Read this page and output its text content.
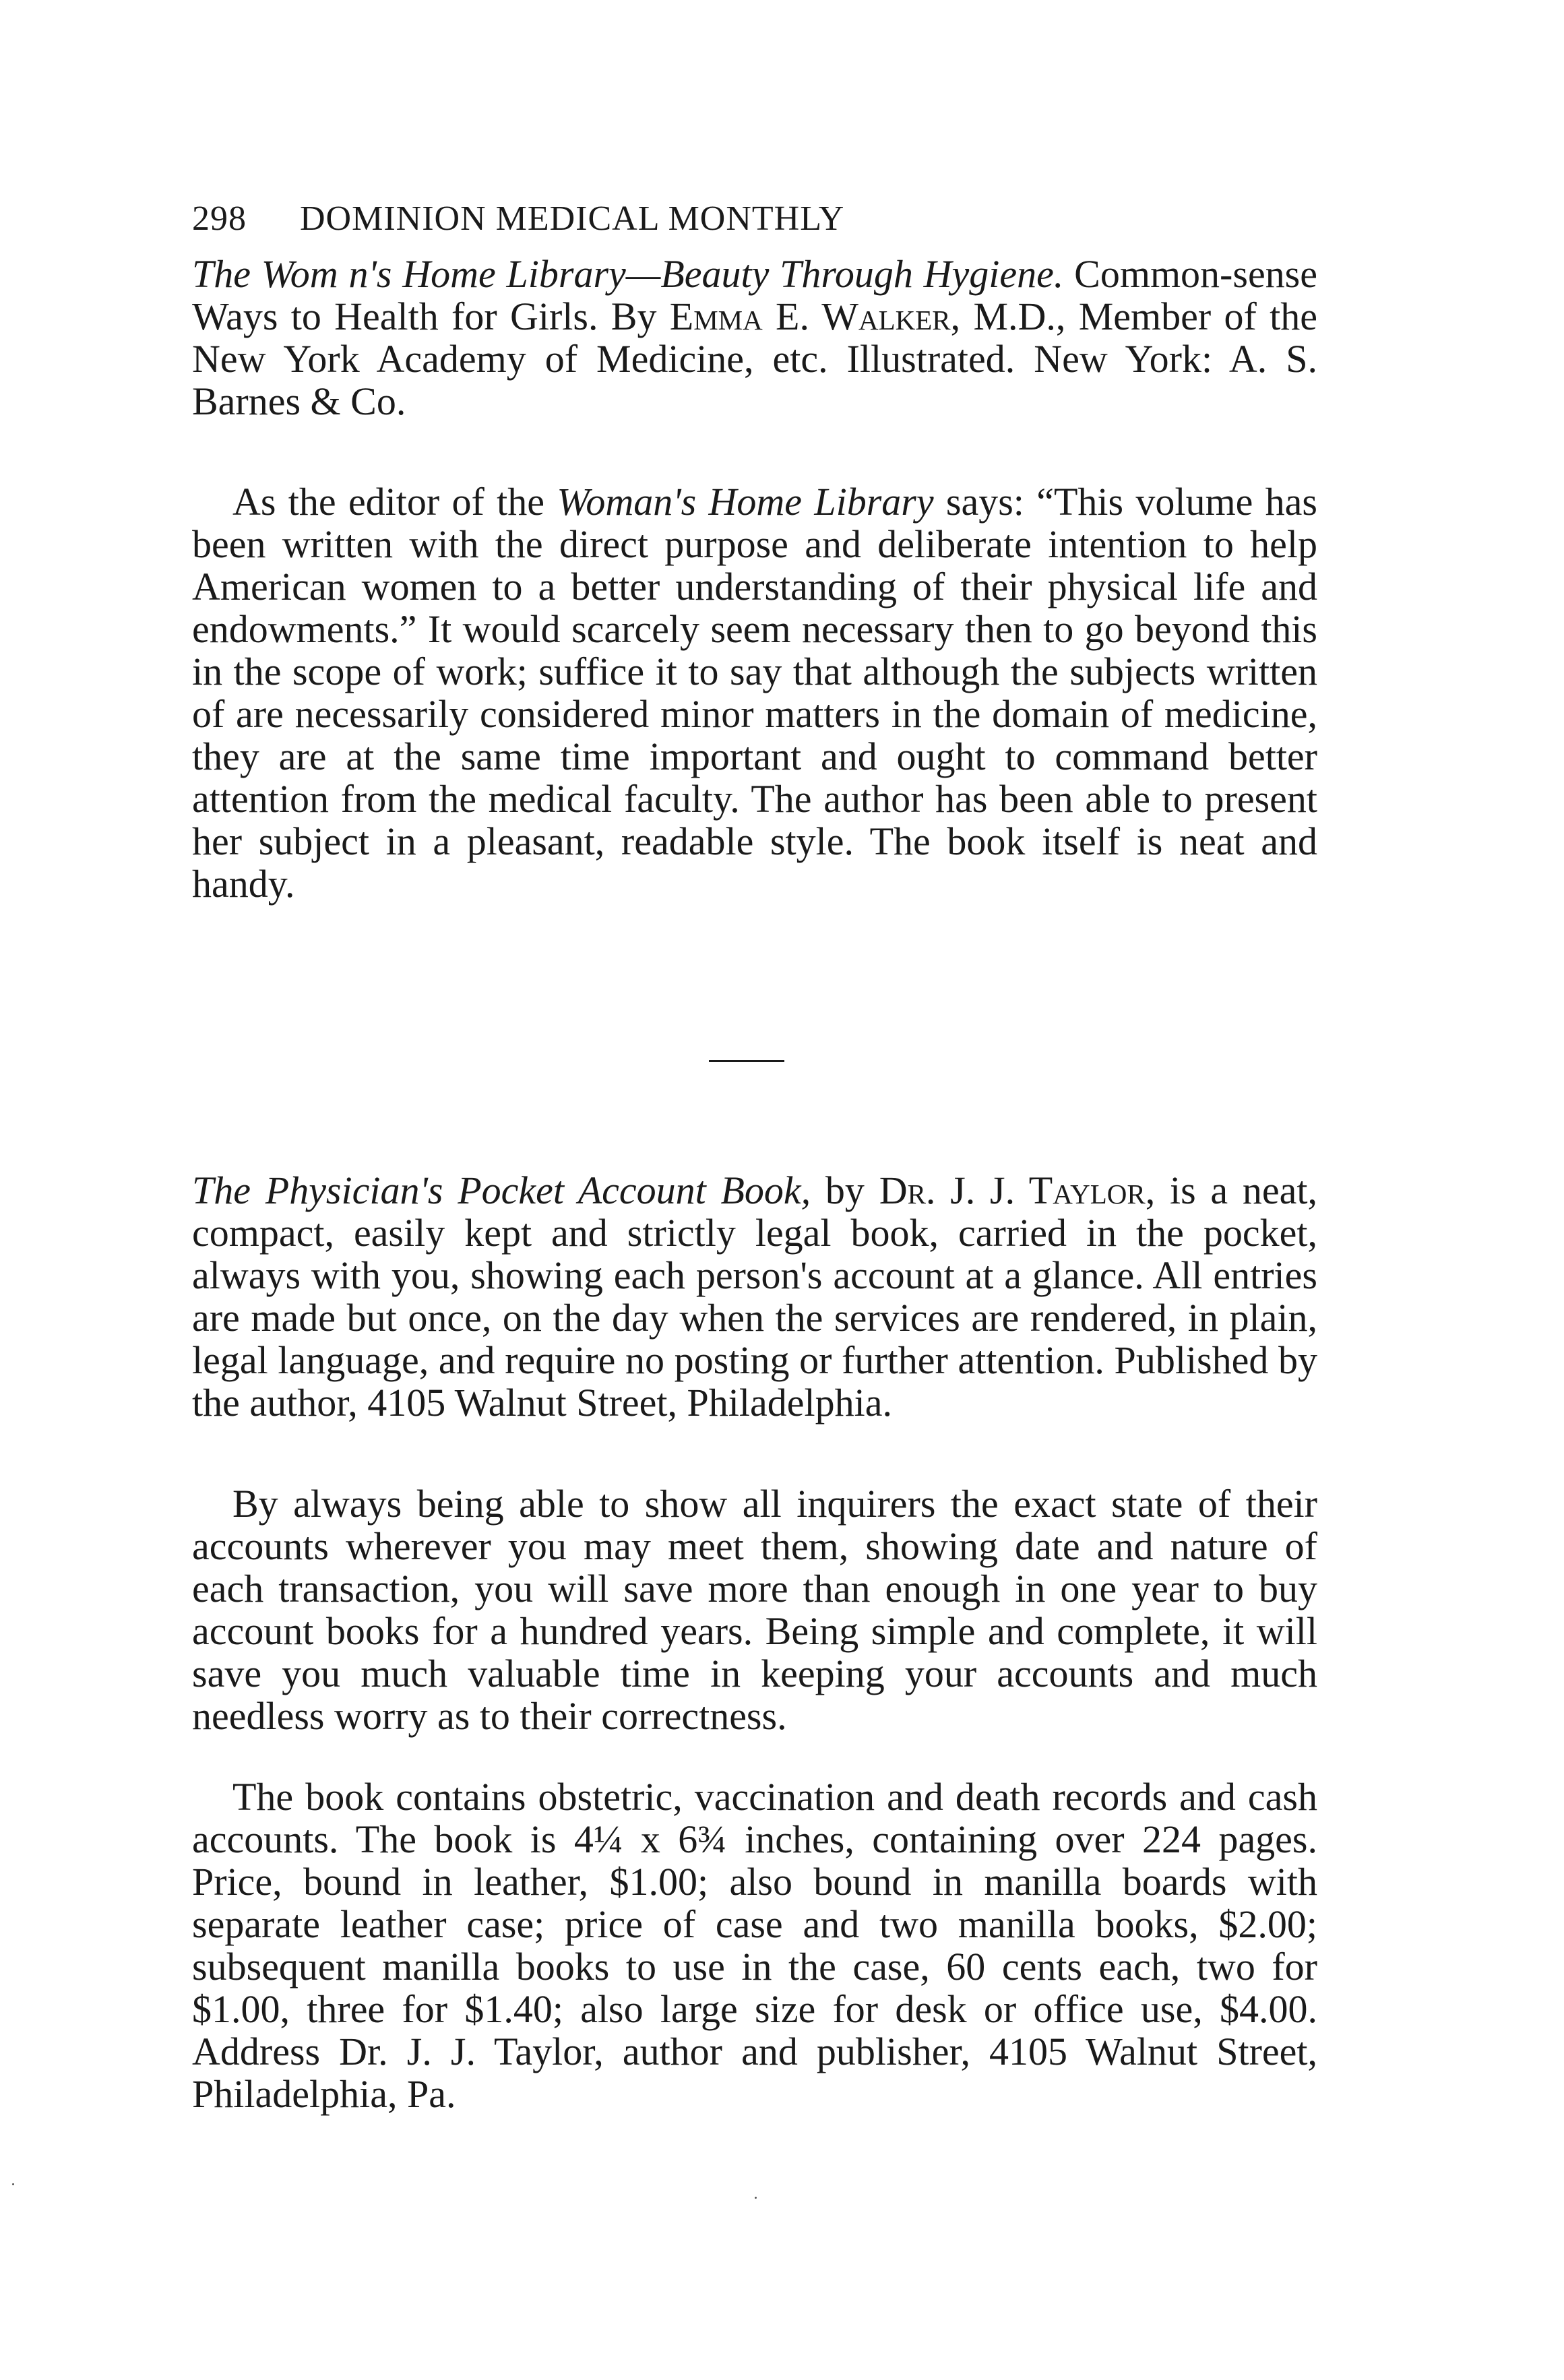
298 DOMINION MEDICAL MONTHLY
The Wom n's Home Library—Beauty Through Hygiene. Common-sense Ways to Health for Girls. By Emma E. Walker, M.D., Member of the New York Academy of Medicine, etc. Illustrated. New York: A. S. Barnes & Co.

As the editor of the Woman's Home Library says: “This volume has been written with the direct purpose and deliberate intention to help American women to a better understanding of their physical life and endowments.” It would scarcely seem necessary then to go beyond this in the scope of work; suffice it to say that although the subjects written of are necessarily considered minor matters in the domain of medicine, they are at the same time important and ought to command better attention from the medical faculty. The author has been able to present her subject in a pleasant, readable style. The book itself is neat and handy.

The Physician's Pocket Account Book, by Dr. J. J. Taylor, is a neat, compact, easily kept and strictly legal book, carried in the pocket, always with you, showing each person's account at a glance. All entries are made but once, on the day when the services are rendered, in plain, legal language, and require no posting or further attention. Published by the author, 4105 Walnut Street, Philadelphia.

By always being able to show all inquirers the exact state of their accounts wherever you may meet them, showing date and nature of each transaction, you will save more than enough in one year to buy account books for a hundred years. Being simple and complete, it will save you much valuable time in keeping your accounts and much needless worry as to their correctness.

The book contains obstetric, vaccination and death records and cash accounts. The book is 4¼ x 6¾ inches, containing over 224 pages. Price, bound in leather, $1.00; also bound in manilla boards with separate leather case; price of case and two manilla books, $2.00; subsequent manilla books to use in the case, 60 cents each, two for $1.00, three for $1.40; also large size for desk or office use, $4.00. Address Dr. J. J. Taylor, author and publisher, 4105 Walnut Street, Philadelphia, Pa.
